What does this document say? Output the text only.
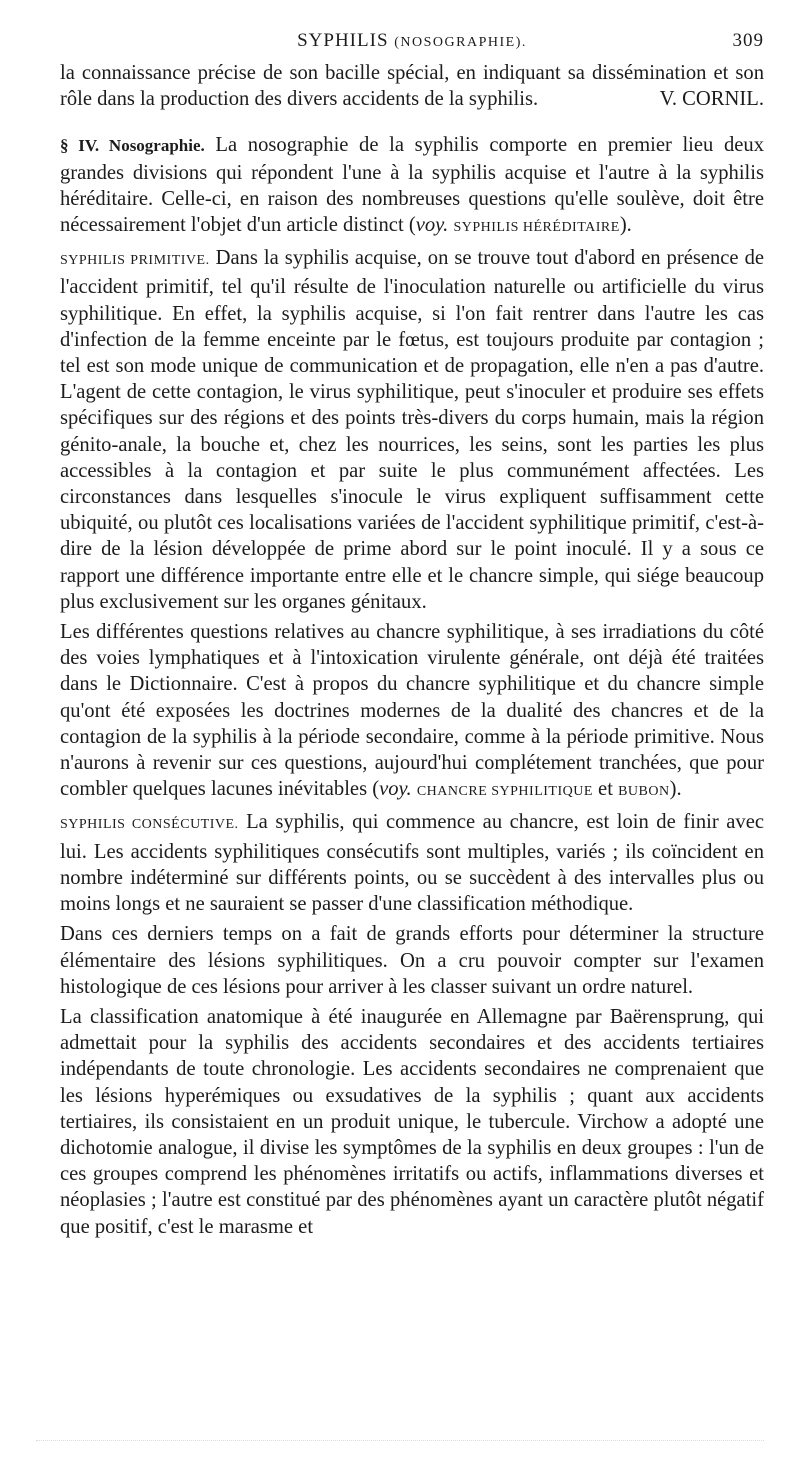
SYPHILIS (NOSOGRAPHIE).	309

la connaissance précise de son bacille spécial, en indiquant sa dissémination et son rôle dans la production des divers accidents de la syphilis.	V. CORNIL.

§ IV. Nosographie. La nosographie de la syphilis comporte en premier lieu deux grandes divisions qui répondent l'une à la syphilis acquise et l'autre à la syphilis héréditaire. Celle-ci, en raison des nombreuses questions qu'elle soulève, doit être nécessairement l'objet d'un article distinct (voy. SYPHILIS HÉRÉDITAIRE).

SYPHILIS PRIMITIVE. Dans la syphilis acquise, on se trouve tout d'abord en présence de l'accident primitif, tel qu'il résulte de l'inoculation naturelle ou artificielle du virus syphilitique. En effet, la syphilis acquise, si l'on fait rentrer dans l'autre les cas d'infection de la femme enceinte par le fœtus, est toujours produite par contagion ; tel est son mode unique de communication et de propagation, elle n'en a pas d'autre. L'agent de cette contagion, le virus syphilitique, peut s'inoculer et produire ses effets spécifiques sur des régions et des points très-divers du corps humain, mais la région génito-anale, la bouche et, chez les nourrices, les seins, sont les parties les plus accessibles à la contagion et par suite le plus communément affectées. Les circonstances dans lesquelles s'inocule le virus expliquent suffisamment cette ubiquité, ou plutôt ces localisations variées de l'accident syphilitique primitif, c'est-à-dire de la lésion développée de prime abord sur le point inoculé. Il y a sous ce rapport une différence importante entre elle et le chancre simple, qui siége beaucoup plus exclusivement sur les organes génitaux.

Les différentes questions relatives au chancre syphilitique, à ses irradiations du côté des voies lymphatiques et à l'intoxication virulente générale, ont déjà été traitées dans le Dictionnaire. C'est à propos du chancre syphilitique et du chancre simple qu'ont été exposées les doctrines modernes de la dualité des chancres et de la contagion de la syphilis à la période secondaire, comme à la période primitive. Nous n'aurons à revenir sur ces questions, aujourd'hui complétement tranchées, que pour combler quelques lacunes inévitables (voy. CHANCRE SYPHILITIQUE et BUBON).

SYPHILIS CONSÉCUTIVE. La syphilis, qui commence au chancre, est loin de finir avec lui. Les accidents syphilitiques consécutifs sont multiples, variés ; ils coïncident en nombre indéterminé sur différents points, ou se succèdent à des intervalles plus ou moins longs et ne sauraient se passer d'une classification méthodique.

Dans ces derniers temps on a fait de grands efforts pour déterminer la structure élémentaire des lésions syphilitiques. On a cru pouvoir compter sur l'examen histologique de ces lésions pour arriver à les classer suivant un ordre naturel.

La classification anatomique à été inaugurée en Allemagne par Baërensprung, qui admettait pour la syphilis des accidents secondaires et des accidents tertiaires indépendants de toute chronologie. Les accidents secondaires ne comprenaient que les lésions hyperémiques ou exsudatives de la syphilis ; quant aux accidents tertiaires, ils consistaient en un produit unique, le tubercule. Virchow a adopté une dichotomie analogue, il divise les symptômes de la syphilis en deux groupes : l'un de ces groupes comprend les phénomènes irritatifs ou actifs, inflammations diverses et néoplasies ; l'autre est constitué par des phénomènes ayant un caractère plutôt négatif que positif, c'est le marasme et
